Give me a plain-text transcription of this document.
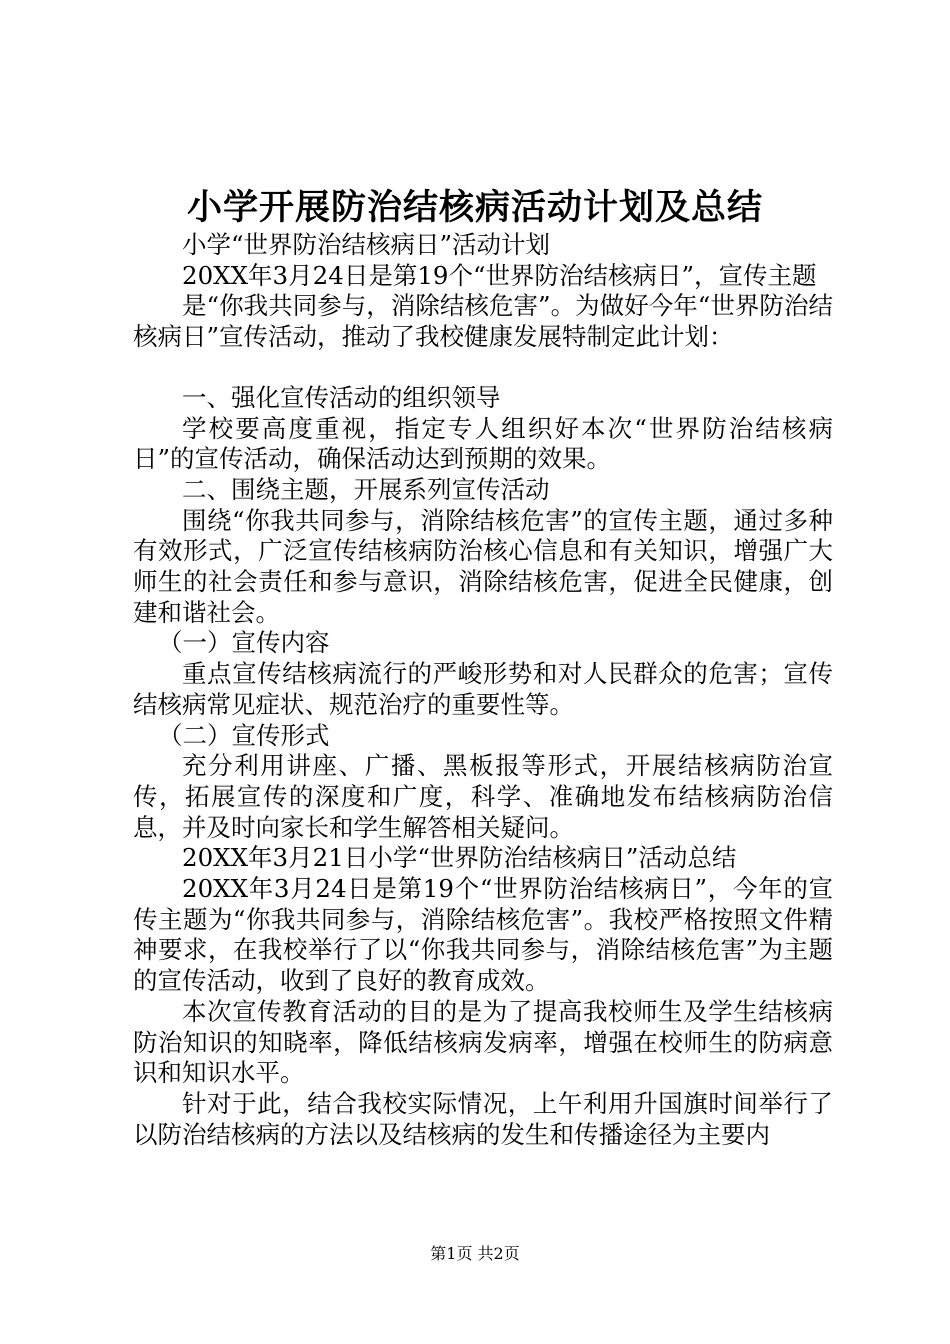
小学开展防治结核病活动计划及总结

小学“世界防治结核病日”活动计划

20XX年3月24日是第19个“世界防治结核病日”，宣传主题

是“你我共同参与，消除结核危害”。为做好今年“世界防治结核病日”宣传活动，推动了我校健康发展特制定此计划：

一、强化宣传活动的组织领导

学校要高度重视，指定专人组织好本次“世界防治结核病日”的宣传活动，确保活动达到预期的效果。

二、围绕主题，开展系列宣传活动

围绕“你我共同参与，消除结核危害”的宣传主题，通过多种有效形式，广泛宣传结核病防治核心信息和有关知识，增强广大师生的社会责任和参与意识，消除结核危害，促进全民健康，创建和谐社会。

（一）宣传内容

重点宣传结核病流行的严峻形势和对人民群众的危害；宣传结核病常见症状、规范治疗的重要性等。

（二）宣传形式

充分利用讲座、广播、黑板报等形式，开展结核病防治宣传，拓展宣传的深度和广度，科学、准确地发布结核病防治信息，并及时向家长和学生解答相关疑问。

20XX年3月21日小学“世界防治结核病日”活动总结

20XX年3月24日是第19个“世界防治结核病日”，今年的宣传主题为“你我共同参与，消除结核危害”。我校严格按照文件精神要求，在我校举行了以“你我共同参与，消除结核危害”为主题的宣传活动，收到了良好的教育成效。

本次宣传教育活动的目的是为了提高我校师生及学生结核病防治知识的知晓率，降低结核病发病率，增强在校师生的防病意识和知识水平。

针对于此，结合我校实际情况，上午利用升国旗时间举行了以防治结核病的方法以及结核病的发生和传播途径为主要内

第1页 共2页
